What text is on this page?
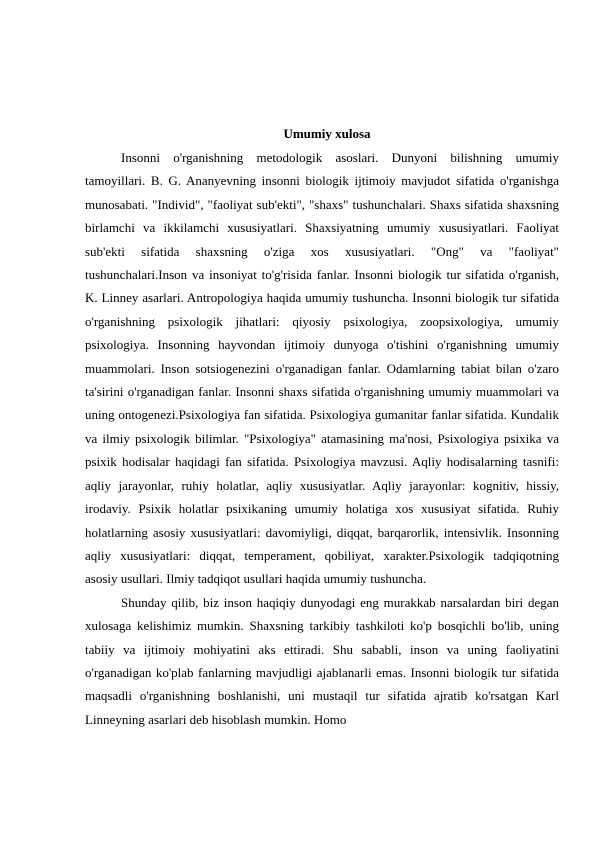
Umumiy xulosa

Insonni o'rganishning metodologik asoslari. Dunyoni bilishning umumiy tamoyillari. B. G. Ananyevning insonni biologik ijtimoiy mavjudot sifatida o'rganishga munosabati. "Individ", "faoliyat sub'ekti", "shaxs" tushunchalari. Shaxs sifatida shaxsning birlamchi va ikkilamchi xususiyatlari. Shaxsiyatning umumiy xususiyatlari. Faoliyat sub'ekti sifatida shaxsning o'ziga xos xususiyatlari. "Ong" va "faoliyat" tushunchalari.Inson va insoniyat to'g'risida fanlar. Insonni biologik tur sifatida o'rganish, K. Linney asarlari. Antropologiya haqida umumiy tushuncha. Insonni biologik tur sifatida o'rganishning psixologik jihatlari: qiyosiy psixologiya, zoopsixologiya, umumiy psixologiya. Insonning hayvondan ijtimoiy dunyoga o'tishini o'rganishning umumiy muammolari. Inson sotsiogenezini o'rganadigan fanlar. Odamlarning tabiat bilan o'zaro ta'sirini o'rganadigan fanlar. Insonni shaxs sifatida o'rganishning umumiy muammolari va uning ontogenezi.Psixologiya fan sifatida. Psixologiya gumanitar fanlar sifatida. Kundalik va ilmiy psixologik bilimlar. "Psixologiya" atamasining ma'nosi, Psixologiya psixika va psixik hodisalar haqidagi fan sifatida. Psixologiya mavzusi. Aqliy hodisalarning tasnifi: aqliy jarayonlar, ruhiy holatlar, aqliy xususiyatlar. Aqliy jarayonlar: kognitiv, hissiy, irodaviy. Psixik holatlar psixikaning umumiy holatiga xos xususiyat sifatida. Ruhiy holatlarning asosiy xususiyatlari: davomiyligi, diqqat, barqarorlik, intensivlik. Insonning aqliy xususiyatlari: diqqat, temperament, qobiliyat, xarakter.Psixologik tadqiqotning asosiy usullari. Ilmiy tadqiqot usullari haqida umumiy tushuncha.

Shunday qilib, biz inson haqiqiy dunyodagi eng murakkab narsalardan biri degan xulosaga kelishimiz mumkin. Shaxsning tarkibiy tashkiloti ko'p bosqichli bo'lib, uning tabiiy va ijtimoiy mohiyatini aks ettiradi. Shu sababli, inson va uning faoliyatini o'rganadigan ko'plab fanlarning mavjudligi ajablanarli emas. Insonni biologik tur sifatida maqsadli o'rganishning boshlanishi, uni mustaqil tur sifatida ajratib ko'rsatgan Karl Linneyning asarlari deb hisoblash mumkin. Homo
